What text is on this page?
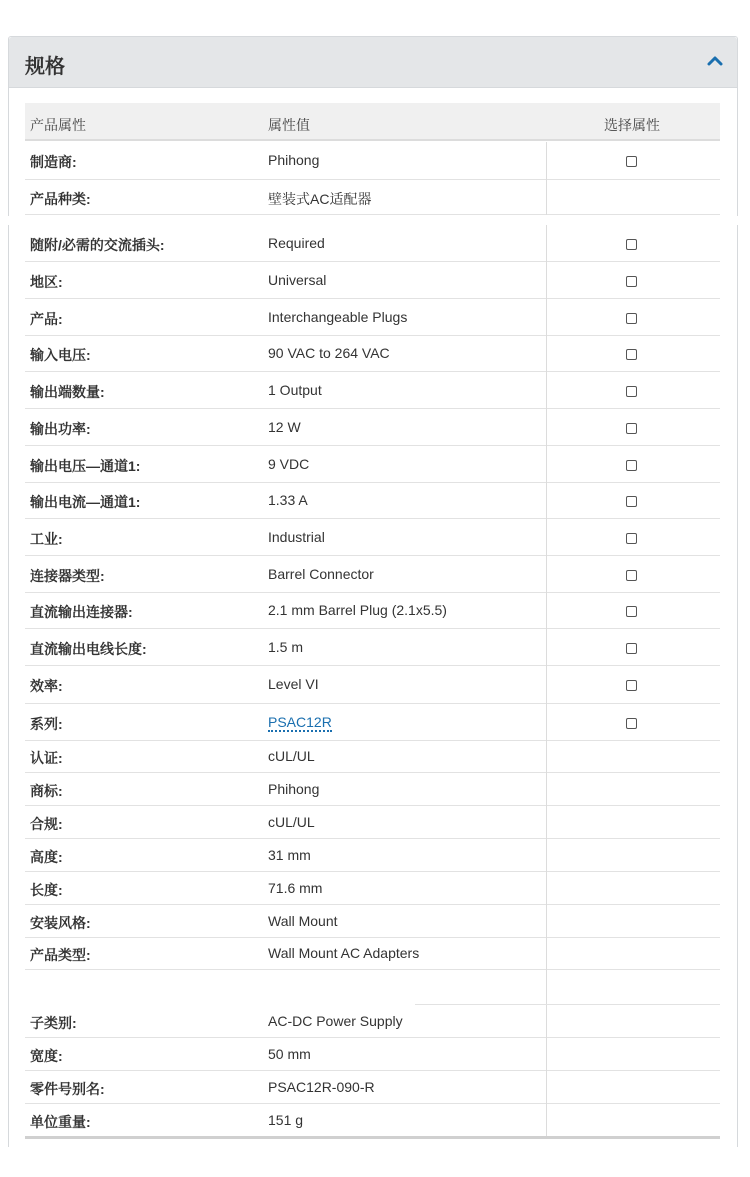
规格
产品属性	属性值	选择属性
制造商:	Phihong
产品种类:	壁装式AC适配器
随附/必需的交流插头:	Required
地区:	Universal
产品:	Interchangeable Plugs
输入电压:	90 VAC to 264 VAC
输出端数量:	1 Output
输出功率:	12 W
输出电压—通道1:	9 VDC
输出电流—通道1:	1.33 A
工业:	Industrial
连接器类型:	Barrel Connector
直流输出连接器:	2.1 mm Barrel Plug (2.1x5.5)
直流输出电线长度:	1.5 m
效率:	Level VI
系列:	PSAC12R
认证:	cUL/UL
商标:	Phihong
合规:	cUL/UL
高度:	31 mm
长度:	71.6 mm
安装风格:	Wall Mount
产品类型:	Wall Mount AC Adapters
子类别:	AC-DC Power Supply
宽度:	50 mm
零件号别名:	PSAC12R-090-R
单位重量:	151 g
